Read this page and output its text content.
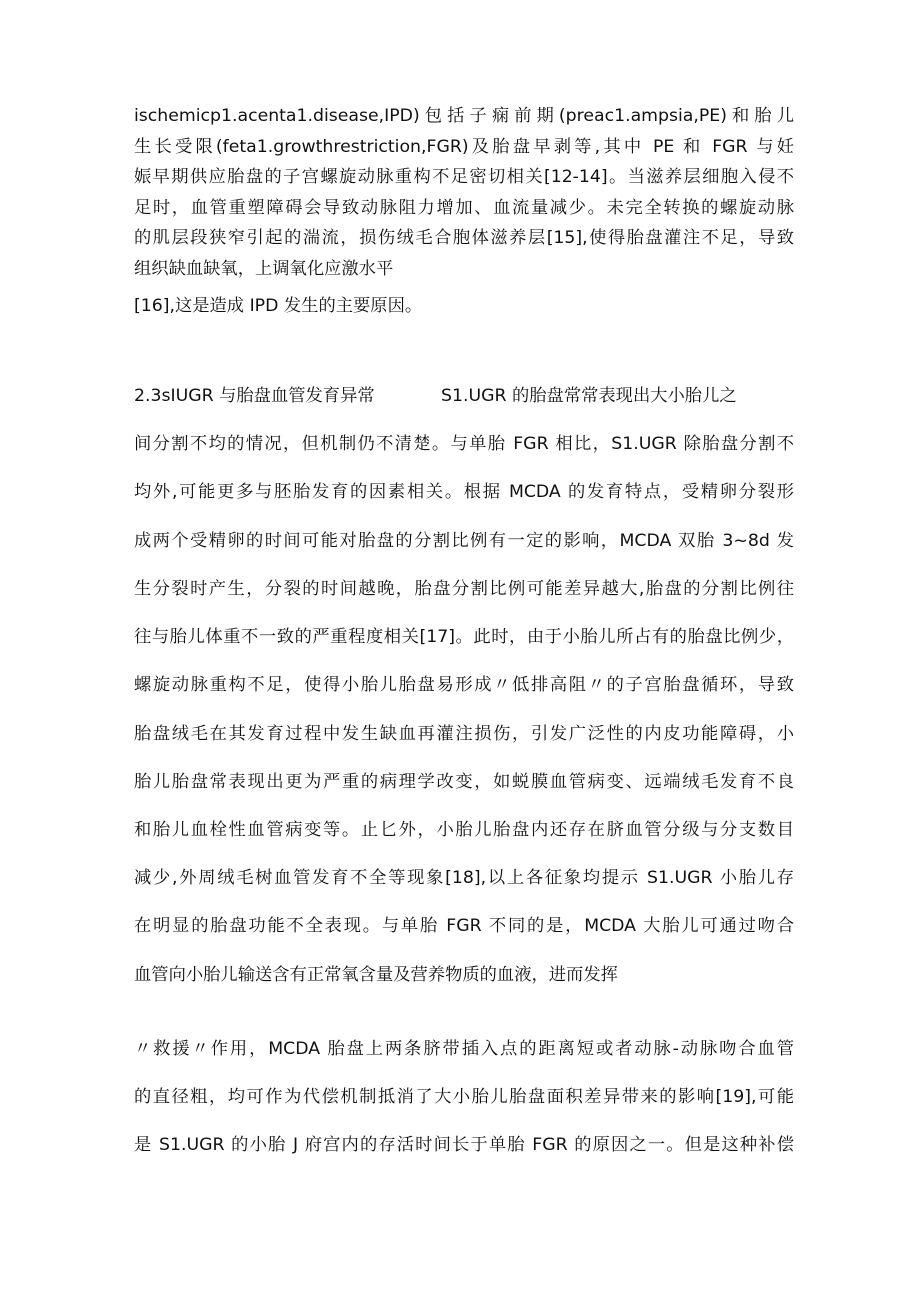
ischemicp1.acenta1.disease,IPD)包括子痫前期(preac1.ampsia,PE)和胎儿
生长受限(feta1.growthrestriction,FGR)及胎盘早剥等,其中 PE 和 FGR 与妊
娠早期供应胎盘的子宫螺旋动脉重构不足密切相关[12-14]。当滋养层细胞入侵不
足时，血管重塑障碍会导致动脉阻力增加、血流量减少。未完全转换的螺旋动脉
的肌层段狭窄引起的湍流，损伤绒毛合胞体滋养层[15],使得胎盘灌注不足，导致
组织缺血缺氧，上调氧化应激水平
[16],这是造成 IPD 发生的主要原因。
2.3sIUGR 与胎盘血管发育异常	S1.UGR 的胎盘常常表现出大小胎儿之
间分割不均的情况，但机制仍不清楚。与单胎 FGR 相比，S1.UGR 除胎盘分割不
均外,可能更多与胚胎发育的因素相关。根据 MCDA 的发育特点，受精卵分裂形
成两个受精卵的时间可能对胎盘的分割比例有一定的影响，MCDA 双胎 3~8d 发
生分裂时产生，分裂的时间越晚，胎盘分割比例可能差异越大,胎盘的分割比例往
往与胎儿体重不一致的严重程度相关[17]。此时，由于小胎儿所占有的胎盘比例少，
螺旋动脉重构不足，使得小胎儿胎盘易形成〃低排高阻〃的子宫胎盘循环，导致
胎盘绒毛在其发育过程中发生缺血再灌注损伤，引发广泛性的内皮功能障碍，小
胎儿胎盘常表现出更为严重的病理学改变，如蜕膜血管病变、远端绒毛发育不良
和胎儿血栓性血管病变等。止匕外，小胎儿胎盘内还存在脐血管分级与分支数目
减少,外周绒毛树血管发育不全等现象[18],以上各征象均提示 S1.UGR 小胎儿存
在明显的胎盘功能不全表现。与单胎 FGR 不同的是，MCDA 大胎儿可通过吻合
血管向小胎儿输送含有正常氧含量及营养物质的血液，进而发挥
〃救援〃作用，MCDA 胎盘上两条脐带插入点的距离短或者动脉-动脉吻合血管
的直径粗，均可作为代偿机制抵消了大小胎儿胎盘面积差异带来的影响[19],可能
是 S1.UGR 的小胎 J 府宫内的存活时间长于单胎 FGR 的原因之一。但是这种补偿
